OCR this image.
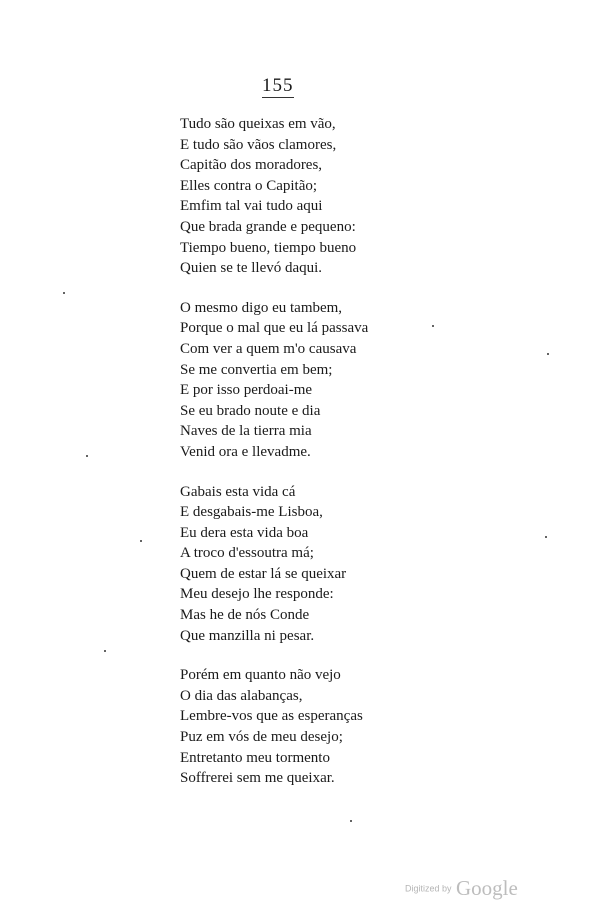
155
Tudo são queixas em vão,
E tudo são vãos clamores,
Capitão dos moradores,
Elles contra o Capitão;
Emfim tal vai tudo aqui
Que brada grande e pequeno:
Tiempo bueno, tiempo bueno
Quien se te llevó daqui.
O mesmo digo eu tambem,
Porque o mal que eu lá passava
Com ver a quem m'o causava
Se me convertia em bem;
E por isso perdoai-me
Se eu brado noute e dia
Naves de la tierra mia
Venid ora e llevadme.
Gabais esta vida cá
E desgabais-me Lisboa,
Eu dera esta vida boa
A troco d'essoutra má;
Quem de estar lá se queixar
Meu desejo lhe responde:
Mas he de nós Conde
Que manzilla ni pesar.
Porém em quanto não vejo
O dia das alabanças,
Lembre-vos que as esperanças
Puz em vós de meu desejo;
Entretanto meu tormento
Soffrerei sem me queixar.
Digitized by Google
